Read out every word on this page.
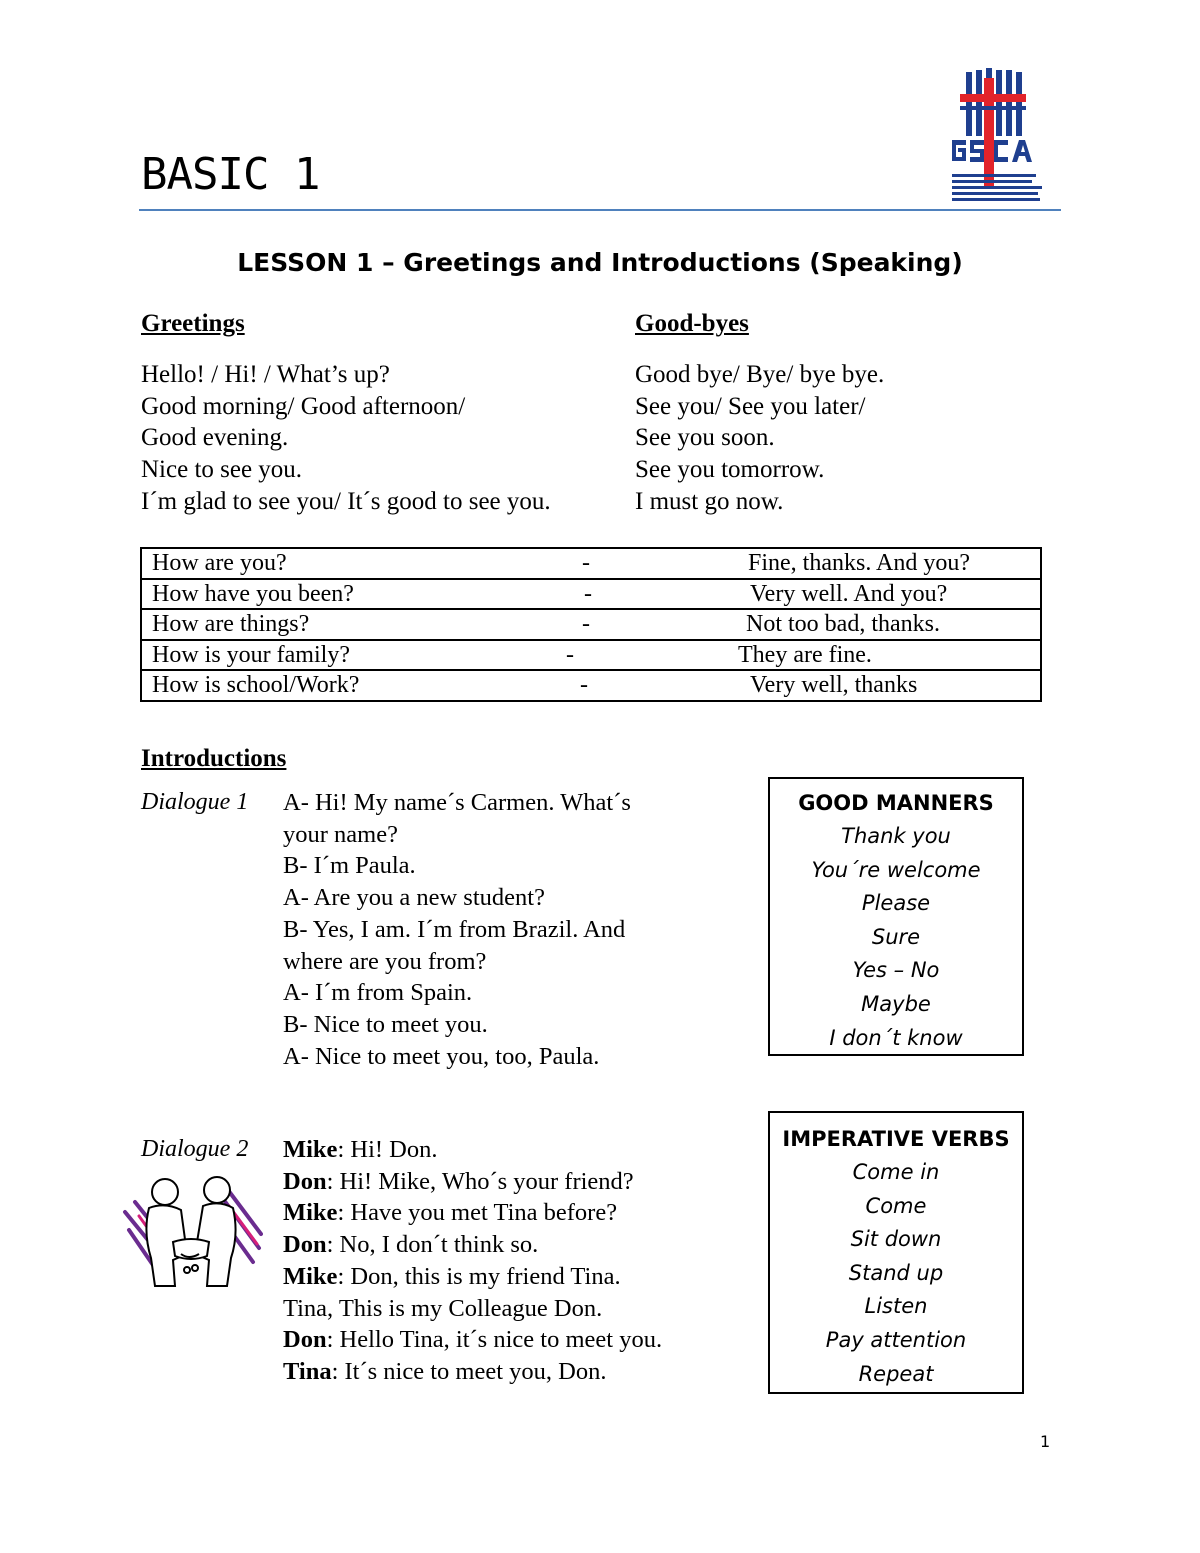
BASIC 1
LESSON 1 – Greetings and Introductions (Speaking)
Greetings
Hello! / Hi! / What’s up?
Good morning/ Good afternoon/
Good evening.
Nice to see you.
I´m glad to see you/ It´s good to see you.
Good-byes
Good bye/ Bye/ bye bye.
See you/ See you later/
See you soon.
See you tomorrow.
I must go now.
How are you?	-	Fine, thanks. And you?

How have you been?	-	Very well. And you?

How are things?	-	Not too bad, thanks.

How is your family?	-	They are fine.

How is school/Work?	-	Very well, thanks
Introductions
Dialogue 1 A- Hi! My name´s Carmen. What´s
your name?
B- I´m Paula.
A- Are you a new student?
B- Yes, I am. I´m from Brazil. And
where are you from?
A- I´m from Spain.
B- Nice to meet you.
A- Nice to meet you, too, Paula.
Dialogue 2 Mike: Hi! Don.
Don: Hi! Mike, Who´s your friend?
Mike: Have you met Tina before?
Don: No, I don´t think so.
Mike: Don, this is my friend Tina.
Tina, This is my Colleague Don.
Don: Hello Tina, it´s nice to meet you.
Tina: It´s nice to meet you, Don.
GOOD MANNERS
Thank you
You´re welcome
Please
Sure
Yes – No
Maybe
I don´t know
IMPERATIVE VERBS
Come in
Come
Sit down
Stand up
Listen
Pay attention
Repeat
1
